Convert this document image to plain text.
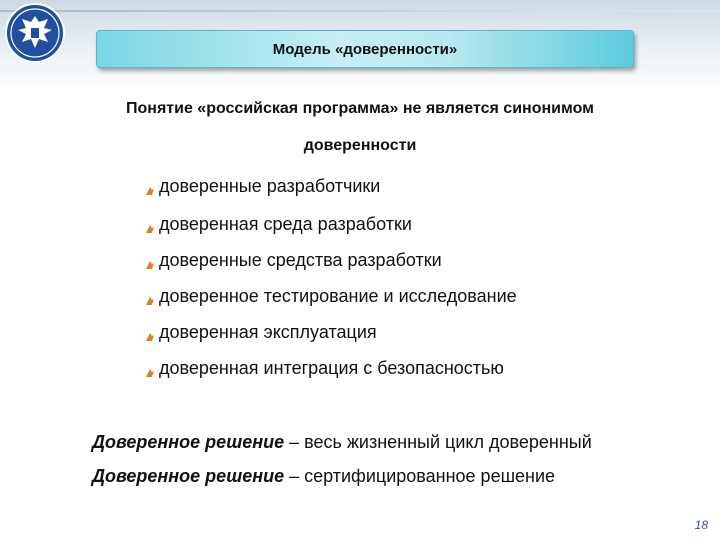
Модель «доверенности»
Понятие «российская программа» не является синонимом
доверенности
доверенные разработчики
доверенная среда разработки
доверенные средства разработки
доверенное тестирование и исследование
доверенная эксплуатация
доверенная интеграция с безопасностью
Доверенное решение – весь жизненный цикл доверенный
Доверенное решение – сертифицированное решение
18
